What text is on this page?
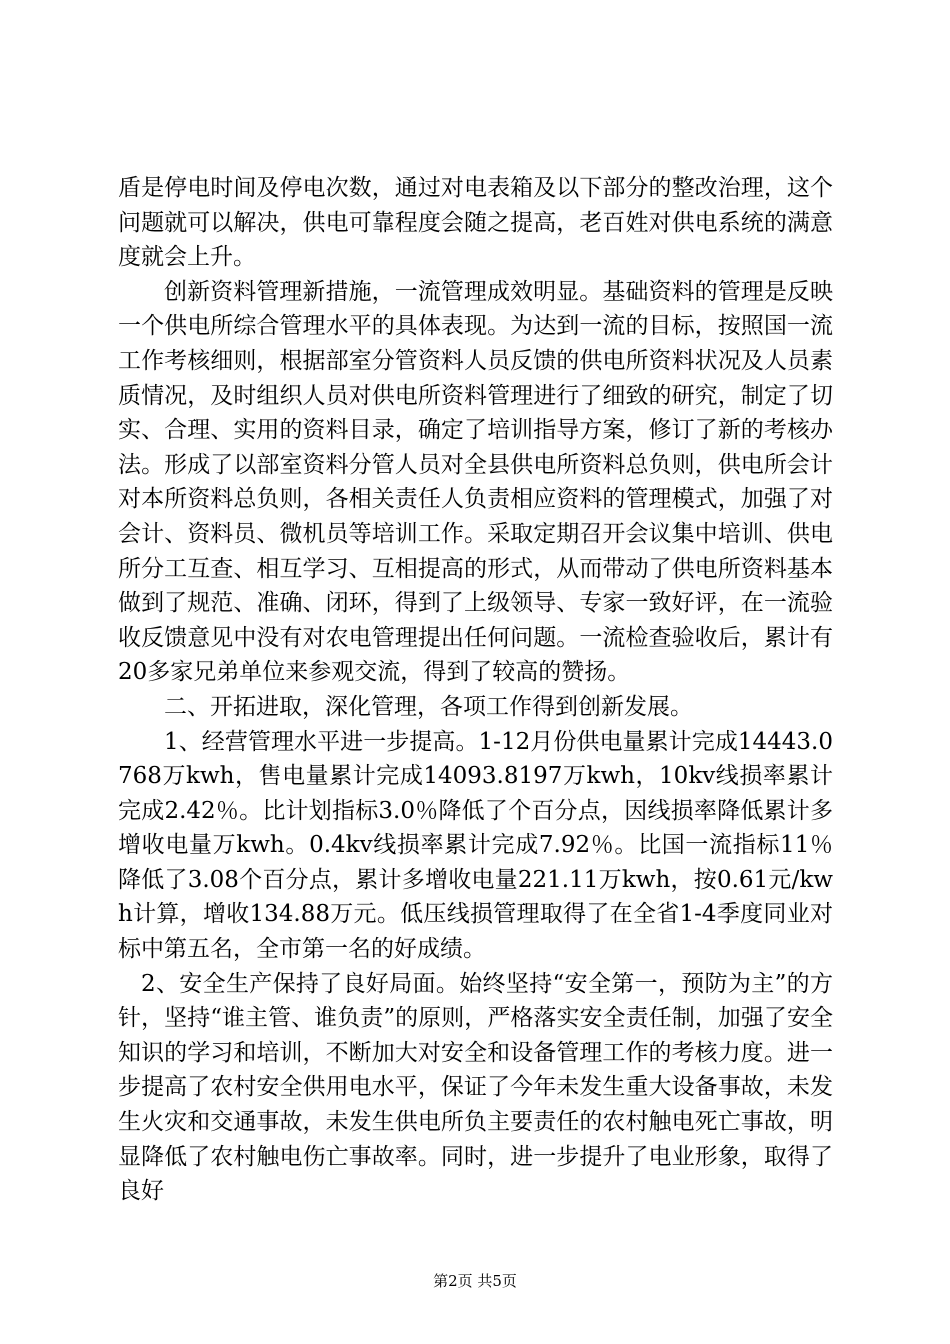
盾是停电时间及停电次数，通过对电表箱及以下部分的整改治理，这个问题就可以解决，供电可靠程度会随之提高，老百姓对供电系统的满意度就会上升。

创新资料管理新措施，一流管理成效明显。基础资料的管理是反映一个供电所综合管理水平的具体表现。为达到一流的目标，按照国一流工作考核细则，根据部室分管资料人员反馈的供电所资料状况及人员素质情况，及时组织人员对供电所资料管理进行了细致的研究，制定了切实、合理、实用的资料目录，确定了培训指导方案，修订了新的考核办法。形成了以部室资料分管人员对全县供电所资料总负则，供电所会计对本所资料总负则，各相关责任人负责相应资料的管理模式，加强了对会计、资料员、微机员等培训工作。采取定期召开会议集中培训、供电所分工互查、相互学习、互相提高的形式，从而带动了供电所资料基本做到了规范、准确、闭环，得到了上级领导、专家一致好评，在一流验收反馈意见中没有对农电管理提出任何问题。一流检查验收后，累计有20多家兄弟单位来参观交流，得到了较高的赞扬。

二、开拓进取，深化管理，各项工作得到创新发展。

1、经营管理水平进一步提高。1-12月份供电量累计完成14443.0768万kwh，售电量累计完成14093.8197万kwh，10kv线损率累计完成2.42％。比计划指标3.0％降低了个百分点，因线损率降低累计多增收电量万kwh。0.4kv线损率累计完成7.92％。比国一流指标11％降低了3.08个百分点，累计多增收电量221.11万kwh，按0.61元/kwh计算，增收134.88万元。低压线损管理取得了在全省1-4季度同业对标中第五名，全市第一名的好成绩。

2、安全生产保持了良好局面。始终坚持“安全第一，预防为主”的方针，坚持“谁主管、谁负责”的原则，严格落实安全责任制，加强了安全知识的学习和培训，不断加大对安全和设备管理工作的考核力度。进一步提高了农村安全供用电水平，保证了今年未发生重大设备事故，未发生火灾和交通事故，未发生供电所负主要责任的农村触电死亡事故，明显降低了农村触电伤亡事故率。同时，进一步提升了电业形象，取得了良好

第2页 共5页
